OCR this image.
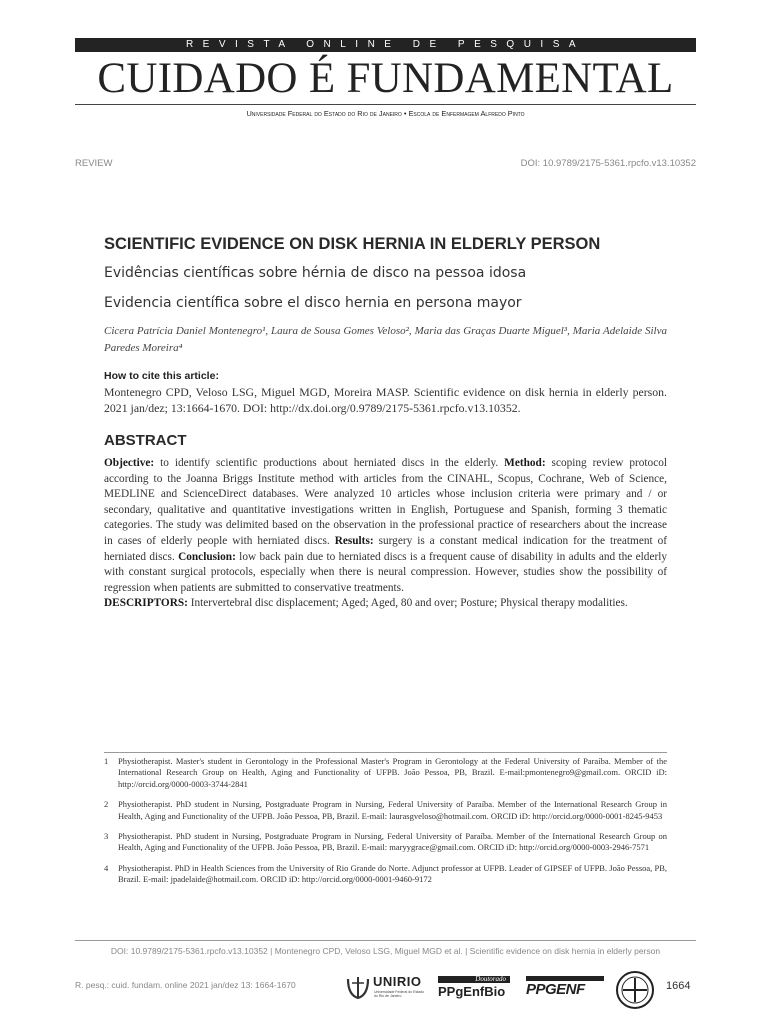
REVISTA ONLINE DE PESQUISA
CUIDADO É FUNDAMENTAL
Universidade Federal do Estado do Rio de Janeiro • Escola de Enfermagem Alfredo Pinto
REVIEW	DOI: 10.9789/2175-5361.rpcfo.v13.10352
SCIENTIFIC EVIDENCE ON DISK HERNIA IN ELDERLY PERSON
Evidências científicas sobre hérnia de disco na pessoa idosa
Evidencia científica sobre el disco hernia en persona mayor
Cicera Patrícia Daniel Montenegro¹, Laura de Sousa Gomes Veloso², Maria das Graças Duarte Miguel³, Maria Adelaide Silva Paredes Moreira⁴
How to cite this article:
Montenegro CPD, Veloso LSG, Miguel MGD, Moreira MASP. Scientific evidence on disk hernia in elderly person. 2021 jan/dez; 13:1664-1670. DOI: http://dx.doi.org/0.9789/2175-5361.rpcfo.v13.10352.
ABSTRACT

Objective: to identify scientific productions about herniated discs in the elderly. Method: scoping review protocol according to the Joanna Briggs Institute method with articles from the CINAHL, Scopus, Cochrane, Web of Science, MEDLINE and ScienceDirect databases. Were analyzed 10 articles whose inclusion criteria were primary and / or secondary, qualitative and quantitative investigations written in English, Portuguese and Spanish, forming 3 thematic categories. The study was delimited based on the observation in the professional practice of researchers about the increase in cases of elderly people with herniated discs. Results: surgery is a constant medical indication for the treatment of herniated discs. Conclusion: low back pain due to herniated discs is a frequent cause of disability in adults and the elderly with constant surgical protocols, especially when there is neural compression. However, studies show the possibility of regression when patients are submitted to conservative treatments.

DESCRIPTORS: Intervertebral disc displacement; Aged; Aged, 80 and over; Posture; Physical therapy modalities.

1	Physiotherapist. Master's student in Gerontology in the Professional Master's Program in Gerontology at the Federal University of Paraíba. Member of the International Research Group on Health, Aging and Functionality of UFPB. João Pessoa, PB, Brazil. E-mail:pmontenegro9@gmail.com. ORCID iD: http://orcid.org/0000-0003-3744-2841
2	Physiotherapist. PhD student in Nursing, Postgraduate Program in Nursing, Federal University of Paraíba. Member of the International Research Group in Health, Aging and Functionality of the UFPB. João Pessoa, PB, Brazil. E-mail: laurasgveloso@hotmail.com. ORCID iD: http://orcid.org/0000-0001-8245-9453
3	Physiotherapist. PhD student in Nursing, Postgraduate Program in Nursing, Federal University of Paraíba. Member of the International Research Group on Health, Aging and Functionality of the UFPB. João Pessoa, PB, Brazil. E-mail: maryygrace@gmail.com. ORCID iD: http://orcid.org/0000-0003-2946-7571
4	Physiotherapist. PhD in Health Sciences from the University of Rio Grande do Norte. Adjunct professor at UFPB. Leader of GIPSEF of UFPB. João Pessoa, PB, Brazil. E-mail: jpadelaide@hotmail.com. ORCID iD: http://orcid.org/0000-0001-9460-9172
DOI: 10.9789/2175-5361.rpcfo.v13.10352 | Montenegro CPD, Veloso LSG, Miguel MGD et al. | Scientific evidence on disk hernia in elderly person
R. pesq.: cuid. fundam. online 2021 jan/dez 13: 1664-1670	UNIRIO
Universidade Federal do Estado do Rio de Janeiro
Doutorado
PPgEnfBio PPGENF	1664
